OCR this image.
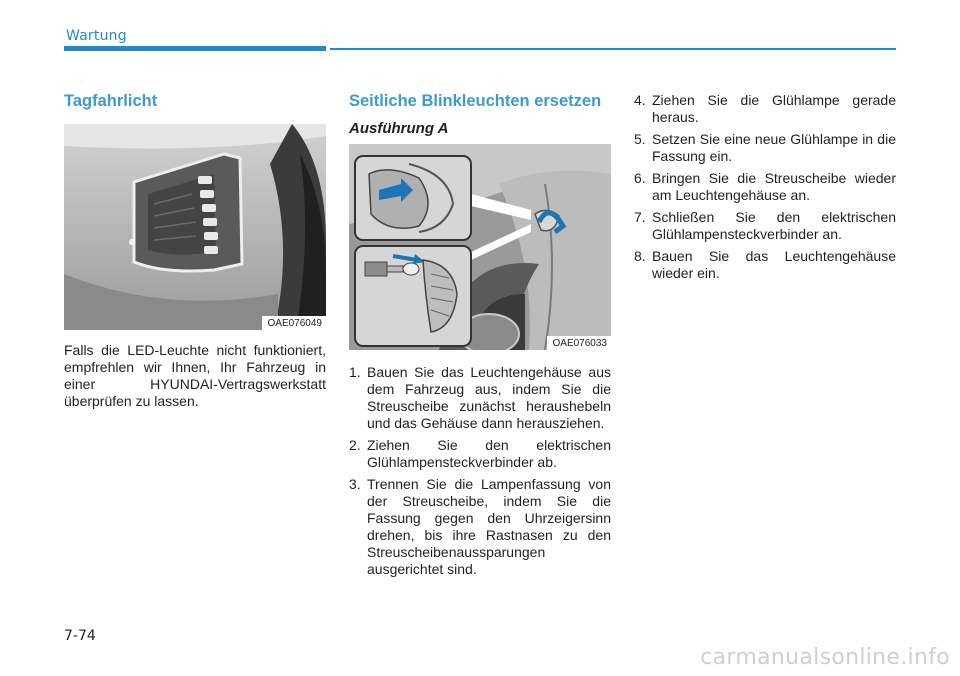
Wartung
Tagfahrlicht
OAE076049

Falls die LED-Leuchte nicht funktioniert, empfrehlen wir Ihnen, Ihr Fahrzeug in einer HYUNDAI-Vertragswerkstatt überprüfen zu lassen.

Seitliche Blinkleuchten ersetzen
Ausführung A
OAE076033
1. Bauen Sie das Leuchtengehäuse aus dem Fahrzeug aus, indem Sie die Streuscheibe zunächst heraushebeln und das Gehäuse dann herausziehen.
2. Ziehen Sie den elektrischen Glühlampensteckverbinder ab.
3. Trennen Sie die Lampenfassung von der Streuscheibe, indem Sie die Fassung gegen den Uhrzeigersinn drehen, bis ihre Rastnasen zu den Streuscheibenaussparungen ausgerichtet sind.
4. Ziehen Sie die Glühlampe gerade heraus.
5. Setzen Sie eine neue Glühlampe in die Fassung ein.
6. Bringen Sie die Streuscheibe wieder am Leuchtengehäuse an.
7. Schließen Sie den elektrischen Glühlampensteckverbinder an.
8. Bauen Sie das Leuchtengehäuse wieder ein.
7-74
carmanualsonline.info
